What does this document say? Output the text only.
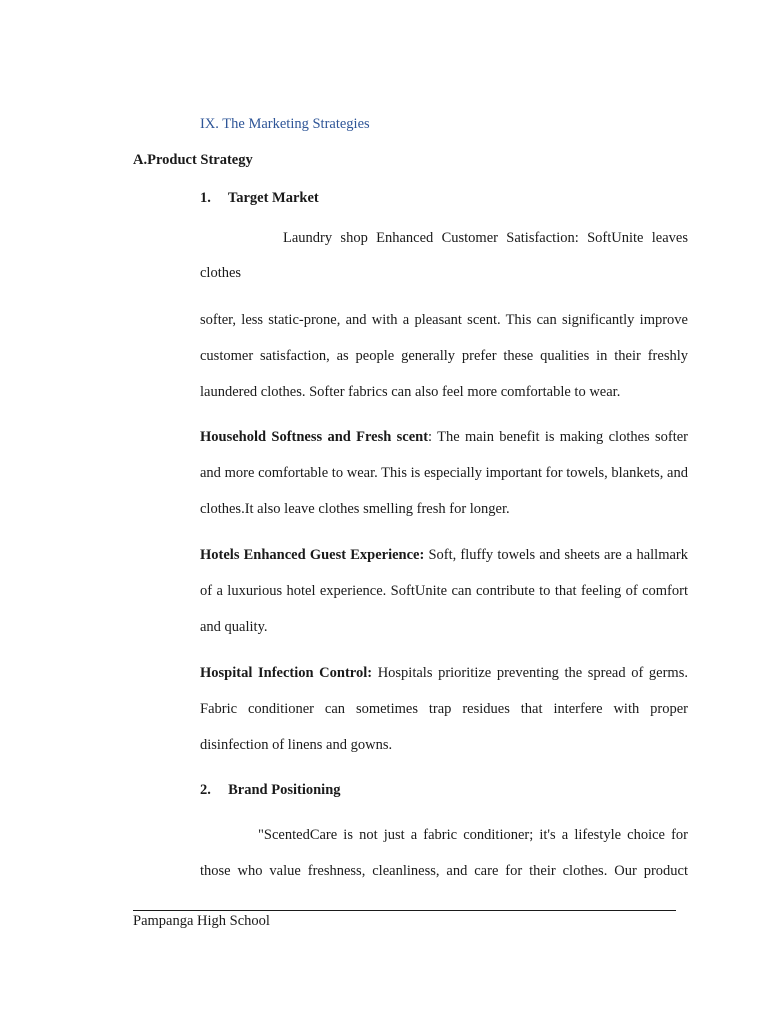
IX. The Marketing Strategies
A.Product Strategy
1. Target Market
Laundry shop Enhanced Customer Satisfaction: SoftUnite leaves
clothes
softer, less static-prone, and with a pleasant scent. This can significantly improve customer satisfaction, as people generally prefer these qualities in their freshly laundered clothes. Softer fabrics can also feel more comfortable to wear.
Household Softness and Fresh scent: The main benefit is making clothes softer and more comfortable to wear. This is especially important for towels, blankets, and clothes.It also leave clothes smelling fresh for longer.
Hotels Enhanced Guest Experience: Soft, fluffy towels and sheets are a hallmark of a luxurious hotel experience. SoftUnite can contribute to that feeling of comfort and quality.
Hospital Infection Control: Hospitals prioritize preventing the spread of germs. Fabric conditioner can sometimes trap residues that interfere with proper disinfection of linens and gowns.
2. Brand Positioning
"ScentedCare is not just a fabric conditioner; it's a lifestyle choice for
those who value freshness, cleanliness, and care for their clothes. Our product
Pampanga High School
